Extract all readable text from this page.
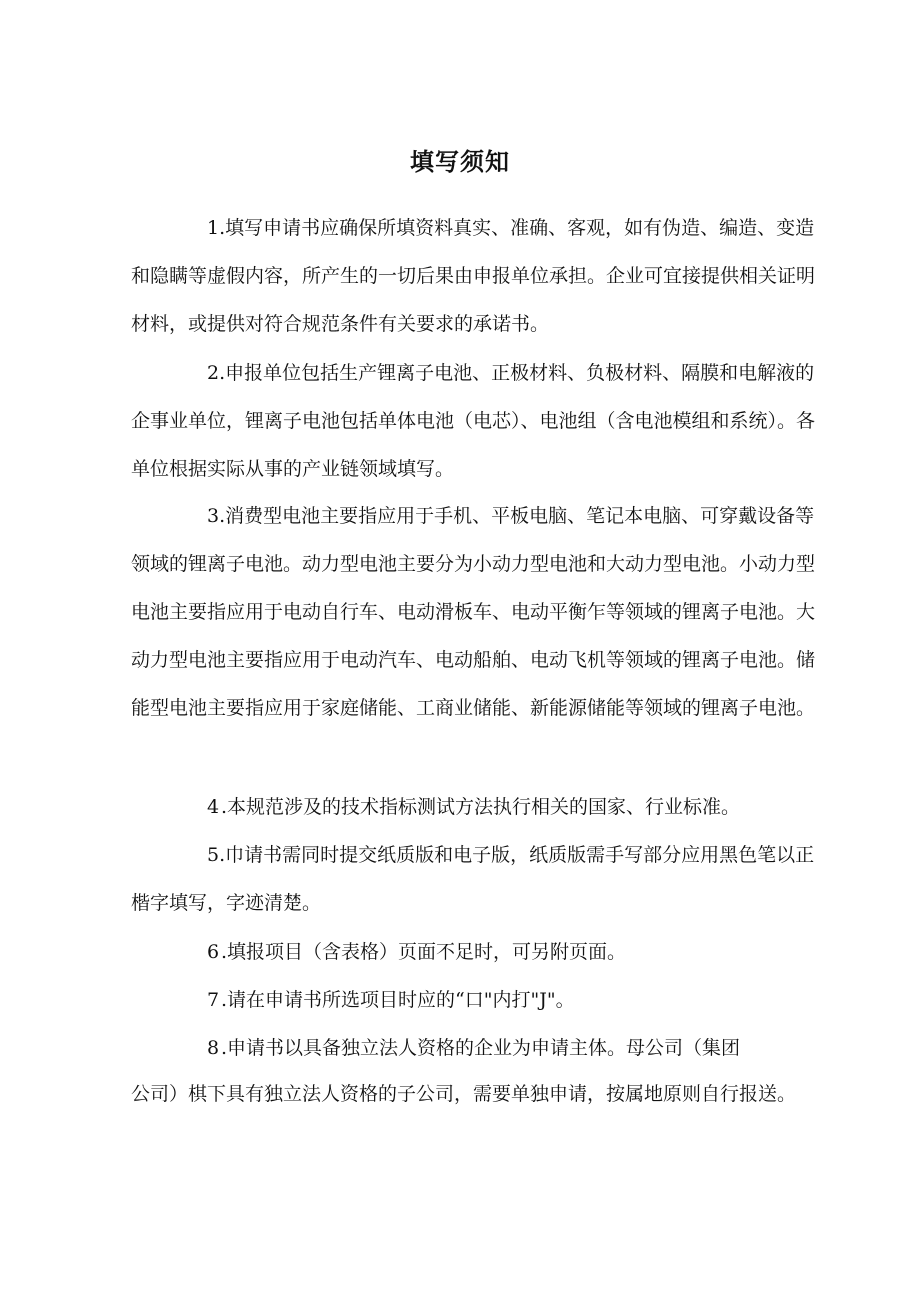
填写须知

1.填写申请书应确保所填资料真实、准确、客观，如有伪造、编造、变造和隐瞒等虚假内容，所产生的一切后果由申报单位承担。企业可宜接提供相关证明材料，或提供对符合规范条件有关要求的承诺书。

2.申报单位包括生产锂离子电池、正极材料、负极材料、隔膜和电解液的企事业单位，锂离子电池包括单体电池（电芯）、电池组（含电池模组和系统）。各单位根据实际从事的产业链领域填写。

3.消费型电池主要指应用于手机、平板电脑、笔记本电脑、可穿戴设备等领域的锂离子电池。动力型电池主要分为小动力型电池和大动力型电池。小动力型电池主要指应用于电动自行车、电动滑板车、电动平衡乍等领域的锂离子电池。大动力型电池主要指应用于电动汽车、电动船舶、电动飞机等领域的锂离子电池。储能型电池主要指应用于家庭储能、工商业储能、新能源储能等领域的锂离子电池。

4 .本规范涉及的技术指标测试方法执行相关的国家、行业标准。

5.巾请书需同时提交纸质版和电子版，纸质版需手写部分应用黑色笔以正楷字填写，字迹清楚。

6 .填报项目（含表格）页面不足时，可另附页面。

7 .请在申请书所选项目时应的“口"内打"J"。

8 .申请书以具备独立法人资格的企业为申请主体。母公司（集团

公司）棋下具有独立法人资格的子公司，需要单独申请，按属地原则自行报送。
